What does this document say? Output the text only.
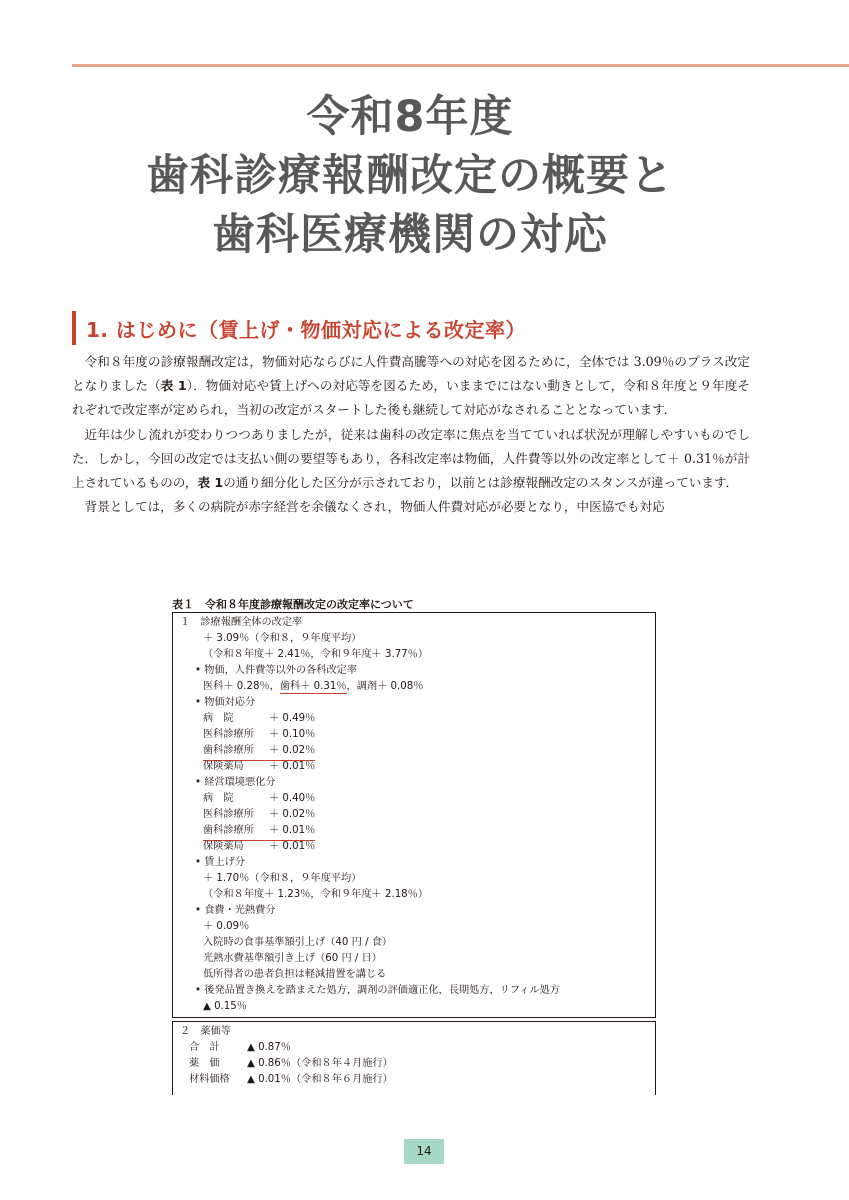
令和8年度
歯科診療報酬改定の概要と
歯科医療機関の対応
1. はじめに（賃上げ・物価対応による改定率）

令和８年度の診療報酬改定は，物価対応ならびに人件費高騰等への対応を図るために，全体では 3.09％のプラス改定となりました（表 1）．物価対応や賃上げへの対応等を図るため，いままでにはない動きとして，令和８年度と９年度それぞれで改定率が定められ，当初の改定がスタートした後も継続して対応がなされることとなっています．

近年は少し流れが変わりつつありましたが，従来は歯科の改定率に焦点を当てていれば状況が理解しやすいものでした．しかし，今回の改定では支払い側の要望等もあり，各科改定率は物価，人件費等以外の改定率として＋ 0.31％が計上されているものの，表 1の通り細分化した区分が示されており，以前とは診療報酬改定のスタンスが違っています．

背景としては，多くの病院が赤字経営を余儀なくされ，物価人件費対応が必要となり，中医協でも対応

表１　令和８年度診療報酬改定の改定率について
１　診療報酬全体の改定率
＋ 3.09％（令和８，９年度平均）
（令和８年度＋ 2.41％，令和９年度＋ 3.77％）
• 物価，人件費等以外の各科改定率
医科＋ 0.28％，歯科＋ 0.31％，調剤＋ 0.08％
• 物価対応分
病　院	＋ 0.49％
医科診療所 ＋ 0.10％
歯科診療所 ＋ 0.02％
保険薬局 ＋ 0.01％
• 経営環境悪化分
病　院	＋ 0.40％
医科診療所 ＋ 0.02％
歯科診療所 ＋ 0.01％
保険薬局 ＋ 0.01％
• 賃上げ分
＋ 1.70％（令和８，９年度平均）
（令和８年度＋ 1.23％，令和９年度＋ 2.18％）
• 食費・光熱費分
＋ 0.09％
入院時の食事基準額引上げ（40 円 / 食）
光熱水費基準額引き上げ（60 円 / 日）
低所得者の患者負担は軽減措置を講じる
• 後発品置き換えを踏まえた処方，調剤の評価適正化，長期処方，リフィル処方
▲ 0.15％
２　薬価等
合　計	▲ 0.87％
薬　価	▲ 0.86％（令和８年４月施行）
材料価格 ▲ 0.01％（令和８年６月施行）
14
